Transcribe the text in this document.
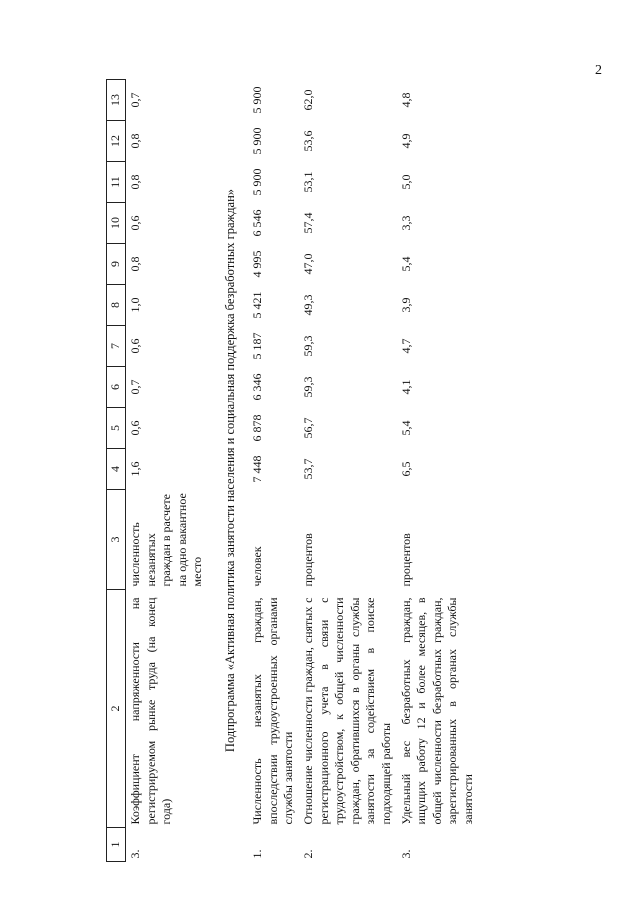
2
1	2	3	4	5	6	7	8	9	10	11	12	13
3.	Коэффициент напряженности на регистрируемом рынке труда (на конец года)	численность незанятых граждан в расчете на одно вакантное место	1,6	0,6	0,7	0,6	1,0	0,8	0,6	0,8	0,8	0,7
Подпрограмма «Активная политика занятости населения и социальная поддержка безработных граждан»												
1.	Численность незанятых граждан, впоследствии трудоустроенных органами службы занятости	человек	7 448	6 878	6 346	5 187	5 421	4 995	6 546	5 900	5 900	5 900
2.	Отношение численности граждан, снятых с регистрационного учета в связи с трудоустройством, к общей численности граждан, обратившихся в органы службы занятости за содействием в поиске подходящей работы	процентов	53,7	56,7	59,3	59,3	49,3	47,0	57,4	53,1	53,6	62,0
3.	Удельный вес безработных граждан, ищущих работу 12 и более месяцев, в общей численности безработных граждан, зарегистрированных в органах службы занятости	процентов	6,5	5,4	4,1	4,7	3,9	5,4	3,3	5,0	4,9	4,8
